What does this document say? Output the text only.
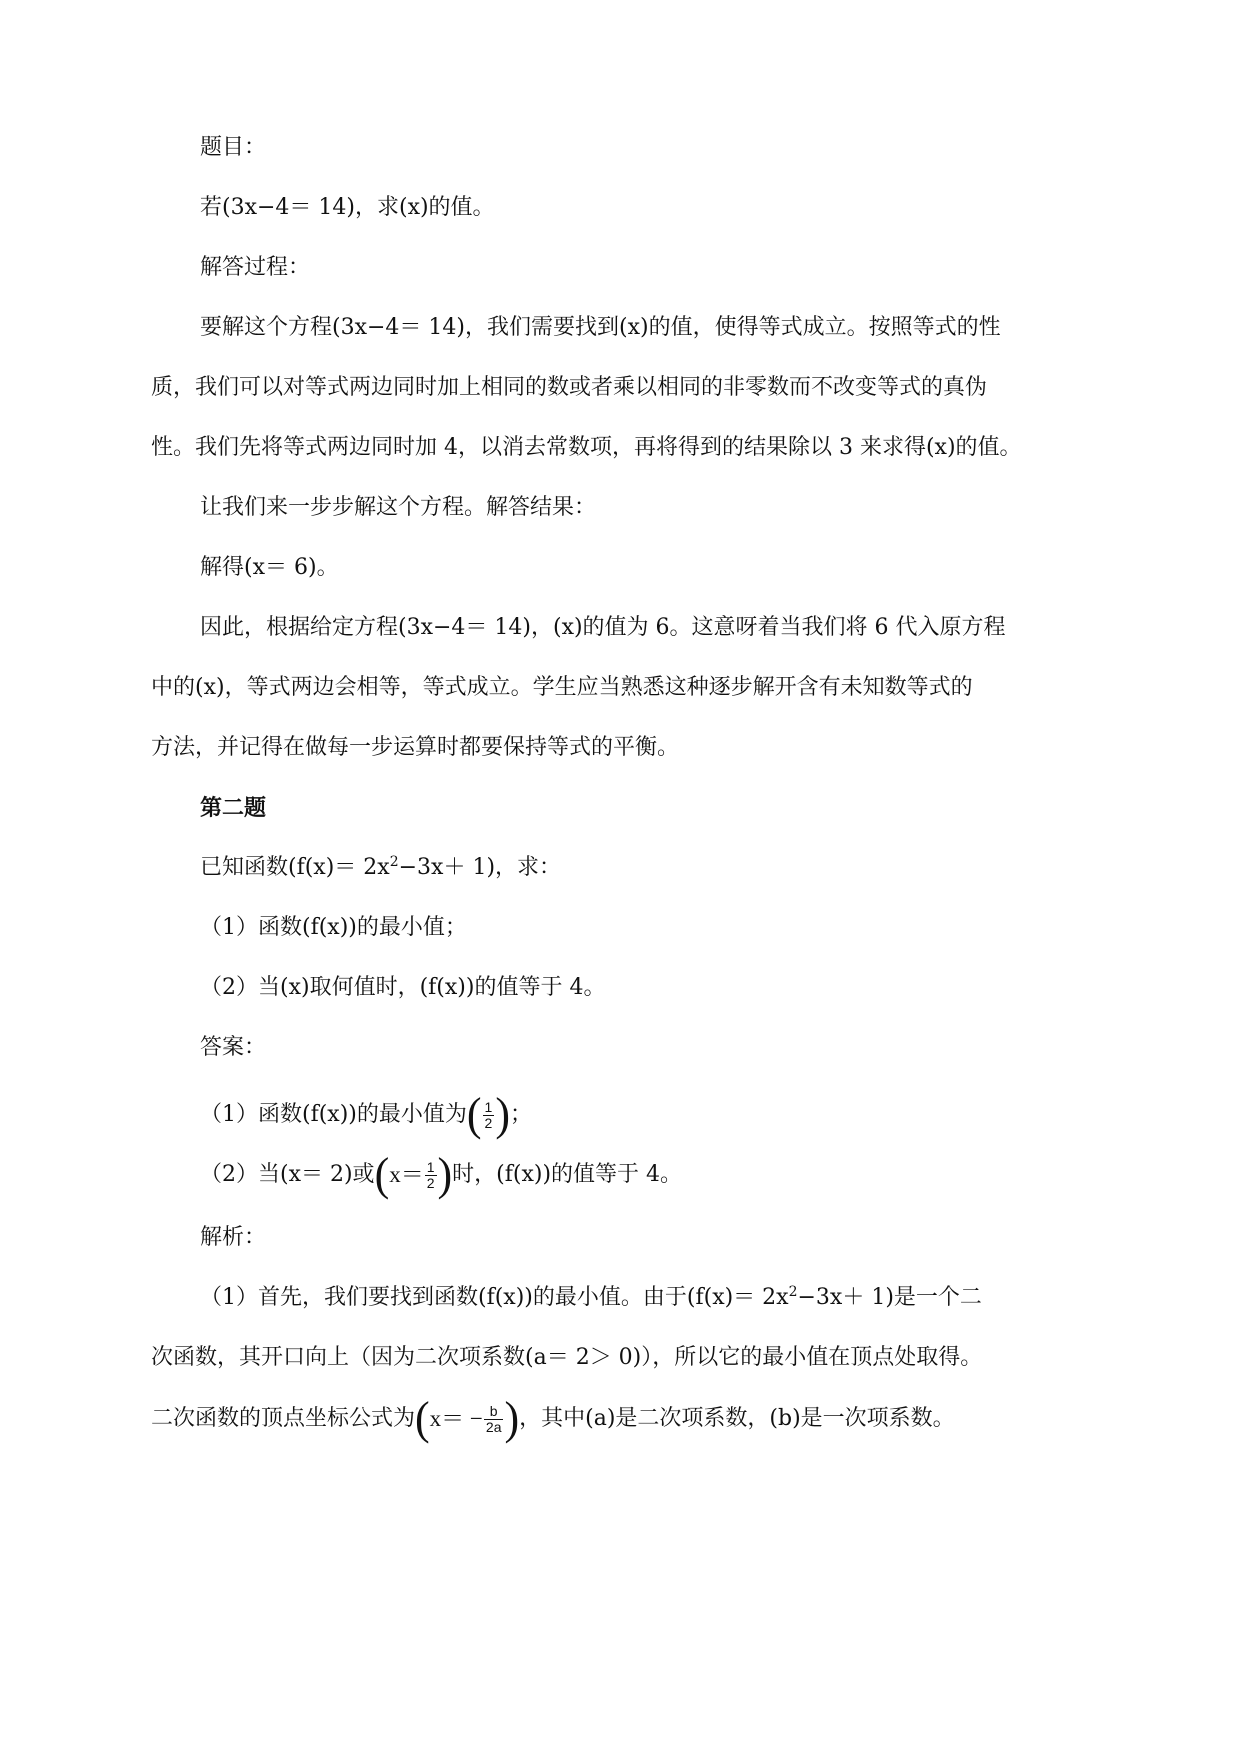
题目：
若(3x−4＝ 14)，求(x)的值。
解答过程：
要解这个方程(3x−4＝ 14)，我们需要找到(x)的值，使得等式成立。按照等式的性
质，我们可以对等式两边同时加上相同的数或者乘以相同的非零数而不改变等式的真伪
性。我们先将等式两边同时加 4，以消去常数项，再将得到的结果除以 3 来求得(x)的值。
让我们来一步步解这个方程。解答结果：
解得(x＝ 6)。
因此，根据给定方程(3x−4＝ 14)，(x)的值为 6。这意呀着当我们将 6 代入原方程
中的(x)，等式两边会相等，等式成立。学生应当熟悉这种逐步解开含有未知数等式的
方法，并记得在做每一步运算时都要保持等式的平衡。
第二题
已知函数$(f(x)= 2x^2-3x+ 1)$，求：
（1）函数(f(x))的最小值；
（2）当(x)取何值时，(f(x))的值等于 4。
答案：
（1）函数(f(x))的最小值为( $\frac{1}{2}$ )；
（2）当(x＝ 2)或($x= \frac{1}{2}$ )时，(f(x))的值等于 4。
解析：
（1）首先，我们要找到函数(f(x))的最小值。由于$(f(x)= 2x^2-3x+ 1)$是一个二
次函数，其开口向上（因为二次项系数(a＝ 2＞ 0)），所以它的最小值在顶点处取得。
二次函数的顶点坐标公式为($x= - \frac{b}{2a}$ )，其中(a)是二次项系数，(b)是一次项系数。
